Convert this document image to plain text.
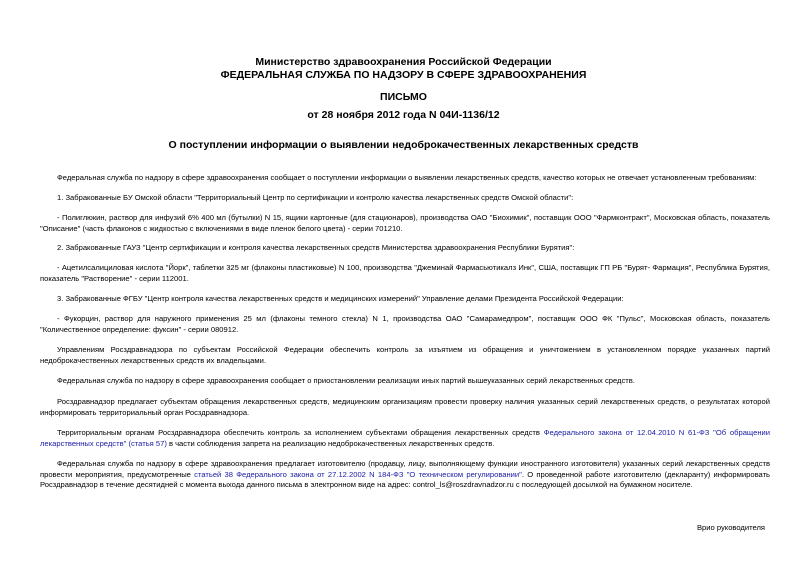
Министерство здравоохранения Российской Федерации
ФЕДЕРАЛЬНАЯ СЛУЖБА ПО НАДЗОРУ В СФЕРЕ ЗДРАВООХРАНЕНИЯ
ПИСЬМО
от 28 ноября 2012 года N 04И-1136/12
О поступлении информации о выявлении недоброкачественных лекарственных средств

Федеральная служба по надзору в сфере здравоохранения сообщает о поступлении информации о выявлении лекарственных средств, качество которых не отвечает установленным требованиям:

1. Забракованные БУ Омской области "Территориальный Центр по сертификации и контролю качества лекарственных средств Омской области":

- Полиглюкин, раствор для инфузий 6% 400 мл (бутылки) N 15, ящики картонные (для стационаров), производства ОАО "Биохимик", поставщик ООО "Фармконтракт", Московская область, показатель "Описание" (часть флаконов с жидкостью с включениями в виде пленок белого цвета) - серии 701210.

2. Забракованные ГАУЗ "Центр сертификации и контроля качества лекарственных средств Министерства здравоохранения Республики Бурятия":

- Ацетилсалициловая кислота "Йорк", таблетки 325 мг (флаконы пластиковые) N 100, производства "Джеминай Фармасьютикалз Инк", США, поставщик ГП РБ "Бурят- Фармация", Республика Бурятия, показатель "Растворение" - серии 112001.

3. Забракованные ФГБУ "Центр контроля качества лекарственных средств и медицинских измерений" Управление делами Президента Российской Федерации:

- Фукорцин, раствор для наружного применения 25 мл (флаконы темного стекла) N 1, производства ОАО "Самарамедпром", поставщик ООО ФК "Пульс", Московская область, показатель "Количественное определение: фуксин" - серии 080912.

Управлениям Росздравнадзора по субъектам Российской Федерации обеспечить контроль за изъятием из обращения и уничтожением в установленном порядке указанных партий недоброкачественных лекарственных средств их владельцами.

Федеральная служба по надзору в сфере здравоохранения сообщает о приостановлении реализации иных партий вышеуказанных серий лекарственных средств.

Росздравнадзор предлагает субъектам обращения лекарственных средств, медицинским организациям провести проверку наличия указанных серий лекарственных средств, о результатах которой информировать территориальный орган Росздравнадзора.

Территориальным органам Росздравнадзора обеспечить контроль за исполнением субъектами обращения лекарственных средств Федерального закона от 12.04.2010 N 61-ФЗ "Об обращении лекарственных средств" (статья 57) в части соблюдения запрета на реализацию недоброкачественных лекарственных средств.

Федеральная служба по надзору в сфере здравоохранения предлагает изготовителю (продавцу, лицу, выполняющему функции иностранного изготовителя) указанных серий лекарственных средств провести мероприятия, предусмотренные статьей 38 Федерального закона от 27.12.2002 N 184-ФЗ "О техническом регулировании". О проведенной работе изготовителю (декларанту) информировать Росздравнадзор в течение десятидней с момента выхода данного письма в электронном виде на адрес: control_ls@roszdravnadzor.ru с последующей досылкой на бумажном носителе.

Врио руководителя
